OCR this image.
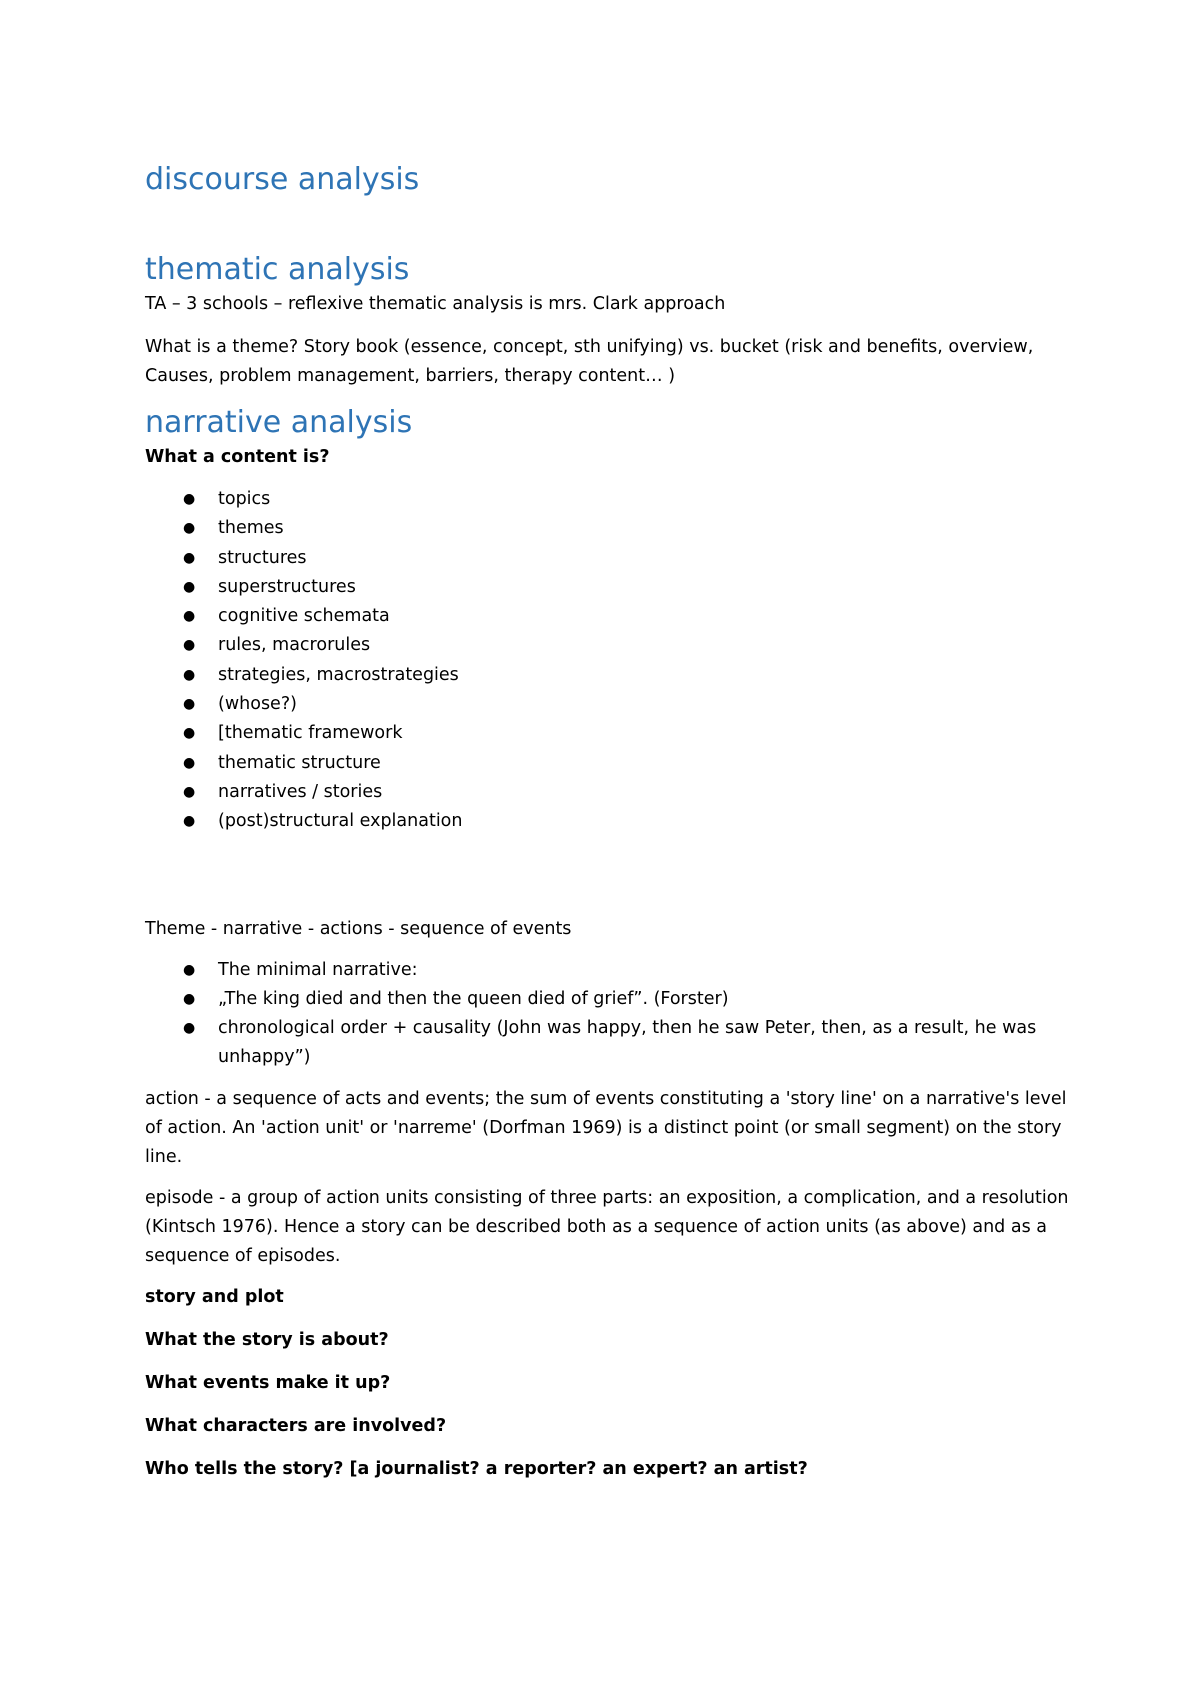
discourse analysis
thematic analysis

TA – 3 schools – reflexive thematic analysis is mrs. Clark approach

What is a theme? Story book (essence, concept, sth unifying) vs. bucket (risk and benefits, overview, Causes, problem management, barriers, therapy content… )

narrative analysis

What a content is?

● topics
● themes
● structures
● superstructures
● cognitive schemata
● rules, macrorules
● strategies, macrostrategies
● (whose?)
● [thematic framework
● thematic structure
● narratives / stories
● (post)structural explanation

Theme - narrative - actions - sequence of events

● The minimal narrative:
● „The king died and then the queen died of grief”. (Forster)
● chronological order + causality (John was happy, then he saw Peter, then, as a result, he was unhappy”)

action - a sequence of acts and events; the sum of events constituting a 'story line' on a narrative's level of action. An 'action unit' or 'narreme' (Dorfman 1969) is a distinct point (or small segment) on the story line.

episode - a group of action units consisting of three parts: an exposition, a complication, and a resolution (Kintsch 1976). Hence a story can be described both as a sequence of action units (as above) and as a sequence of episodes.

story and plot

What the story is about?

What events make it up?

What characters are involved?

Who tells the story? [a journalist? a reporter? an expert? an artist?
